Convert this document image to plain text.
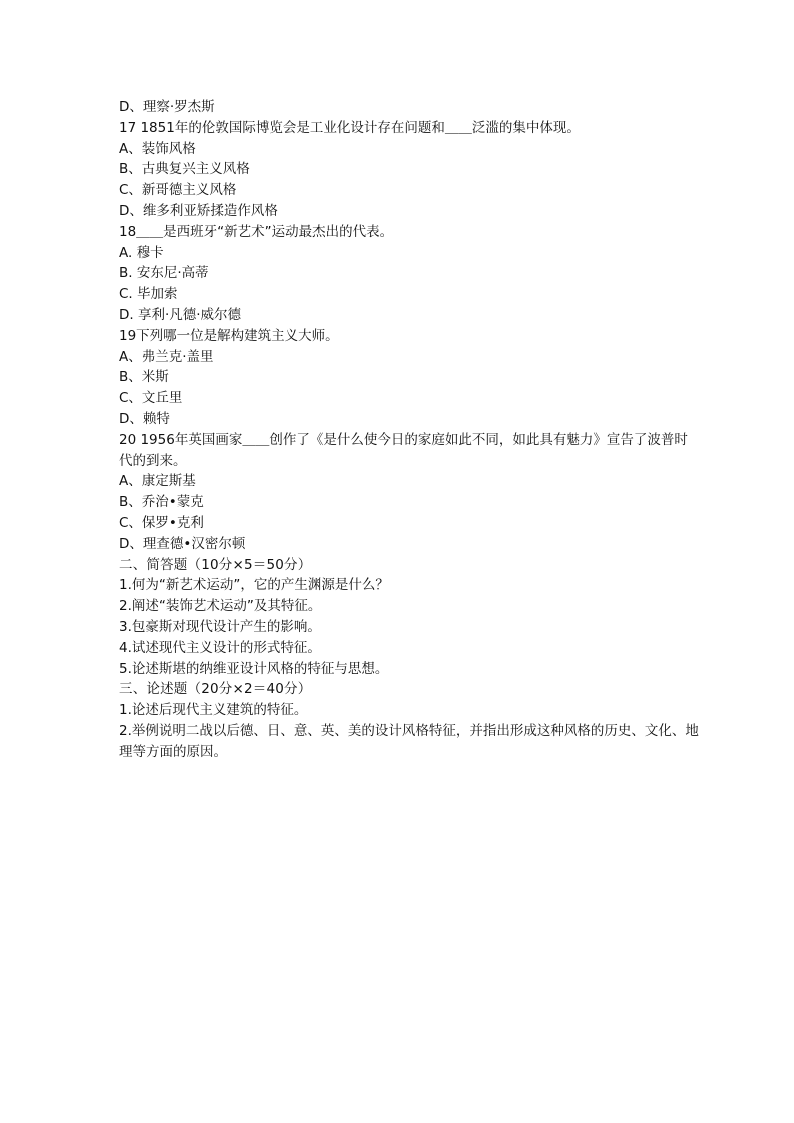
D、理察·罗杰斯
17 1851年的伦敦国际博览会是工业化设计存在问题和＿＿泛滥的集中体现。
A、装饰风格
B、古典复兴主义风格
C、新哥德主义风格
D、维多利亚矫揉造作风格
18＿＿是西班牙“新艺术”运动最杰出的代表。
A. 穆卡
B. 安东尼·高蒂
C. 毕加索
D. 享利·凡德·威尔德
19下列哪一位是解构建筑主义大师。
A、弗兰克·盖里
B、米斯
C、文丘里
D、赖特
20 1956年英国画家＿＿创作了《是什么使今日的家庭如此不同，如此具有魅力》宣告了波普时代的到来。
A、康定斯基
B、乔治•蒙克
C、保罗•克利
D、理查德•汉密尔顿
二、简答题（10分×5＝50分）
1.何为“新艺术运动”，它的产生渊源是什么？
2.阐述“装饰艺术运动”及其特征。
3.包豪斯对现代设计产生的影响。
4.试述现代主义设计的形式特征。
5.论述斯堪的纳维亚设计风格的特征与思想。
三、论述题（20分×2＝40分）
1.论述后现代主义建筑的特征。
2.举例说明二战以后德、日、意、英、美的设计风格特征，并指出形成这种风格的历史、文化、地理等方面的原因。
